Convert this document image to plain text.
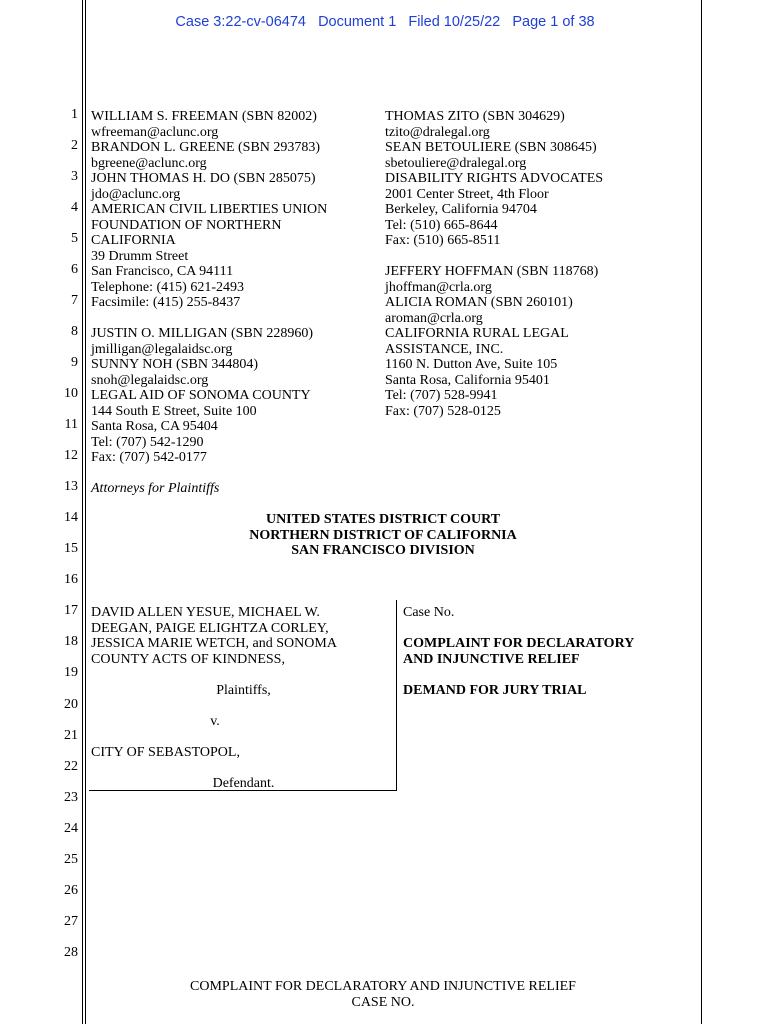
Case 3:22-cv-06474   Document 1   Filed 10/25/22   Page 1 of 38
1
2
3
4
5
6
7
8
9
10
11
12
13
14
15
16
17
18
19
20
21
22
23
24
25
26
27
28
WILLIAM S. FREEMAN (SBN 82002)
wfreeman@aclunc.org
BRANDON L. GREENE (SBN 293783)
bgreene@aclunc.org
JOHN THOMAS H. DO (SBN 285075)
jdo@aclunc.org
AMERICAN CIVIL LIBERTIES UNION
FOUNDATION OF NORTHERN
CALIFORNIA
39 Drumm Street
San Francisco, CA 94111
Telephone: (415) 621-2493
Facsimile: (415) 255-8437
JUSTIN O. MILLIGAN (SBN 228960)
jmilligan@legalaidsc.org
SUNNY NOH (SBN 344804)
snoh@legalaidsc.org
LEGAL AID OF SONOMA COUNTY
144 South E Street, Suite 100
Santa Rosa, CA 95404
Tel: (707) 542-1290
Fax: (707) 542-0177
THOMAS ZITO (SBN 304629)
tzito@dralegal.org
SEAN BETOULIERE (SBN 308645)
sbetouliere@dralegal.org
DISABILITY RIGHTS ADVOCATES
2001 Center Street, 4th Floor
Berkeley, California 94704
Tel: (510) 665-8644
Fax: (510) 665-8511
JEFFERY HOFFMAN (SBN 118768)
jhoffman@crla.org
ALICIA ROMAN (SBN 260101)
aroman@crla.org
CALIFORNIA RURAL LEGAL
ASSISTANCE, INC.
1160 N. Dutton Ave, Suite 105
Santa Rosa, California 95401
Tel: (707) 528-9941
Fax: (707) 528-0125
Attorneys for Plaintiffs
UNITED STATES DISTRICT COURT
NORTHERN DISTRICT OF CALIFORNIA
SAN FRANCISCO DIVISION
DAVID ALLEN YESUE, MICHAEL W.
DEEGAN, PAIGE ELIGHTZA CORLEY,
JESSICA MARIE WETCH, and SONOMA
COUNTY ACTS OF KINDNESS,
Plaintiffs,
v.
CITY OF SEBASTOPOL,
Defendant.
Case No.
COMPLAINT FOR DECLARATORY
AND INJUNCTIVE RELIEF
DEMAND FOR JURY TRIAL
COMPLAINT FOR DECLARATORY AND INJUNCTIVE RELIEF
CASE NO.
